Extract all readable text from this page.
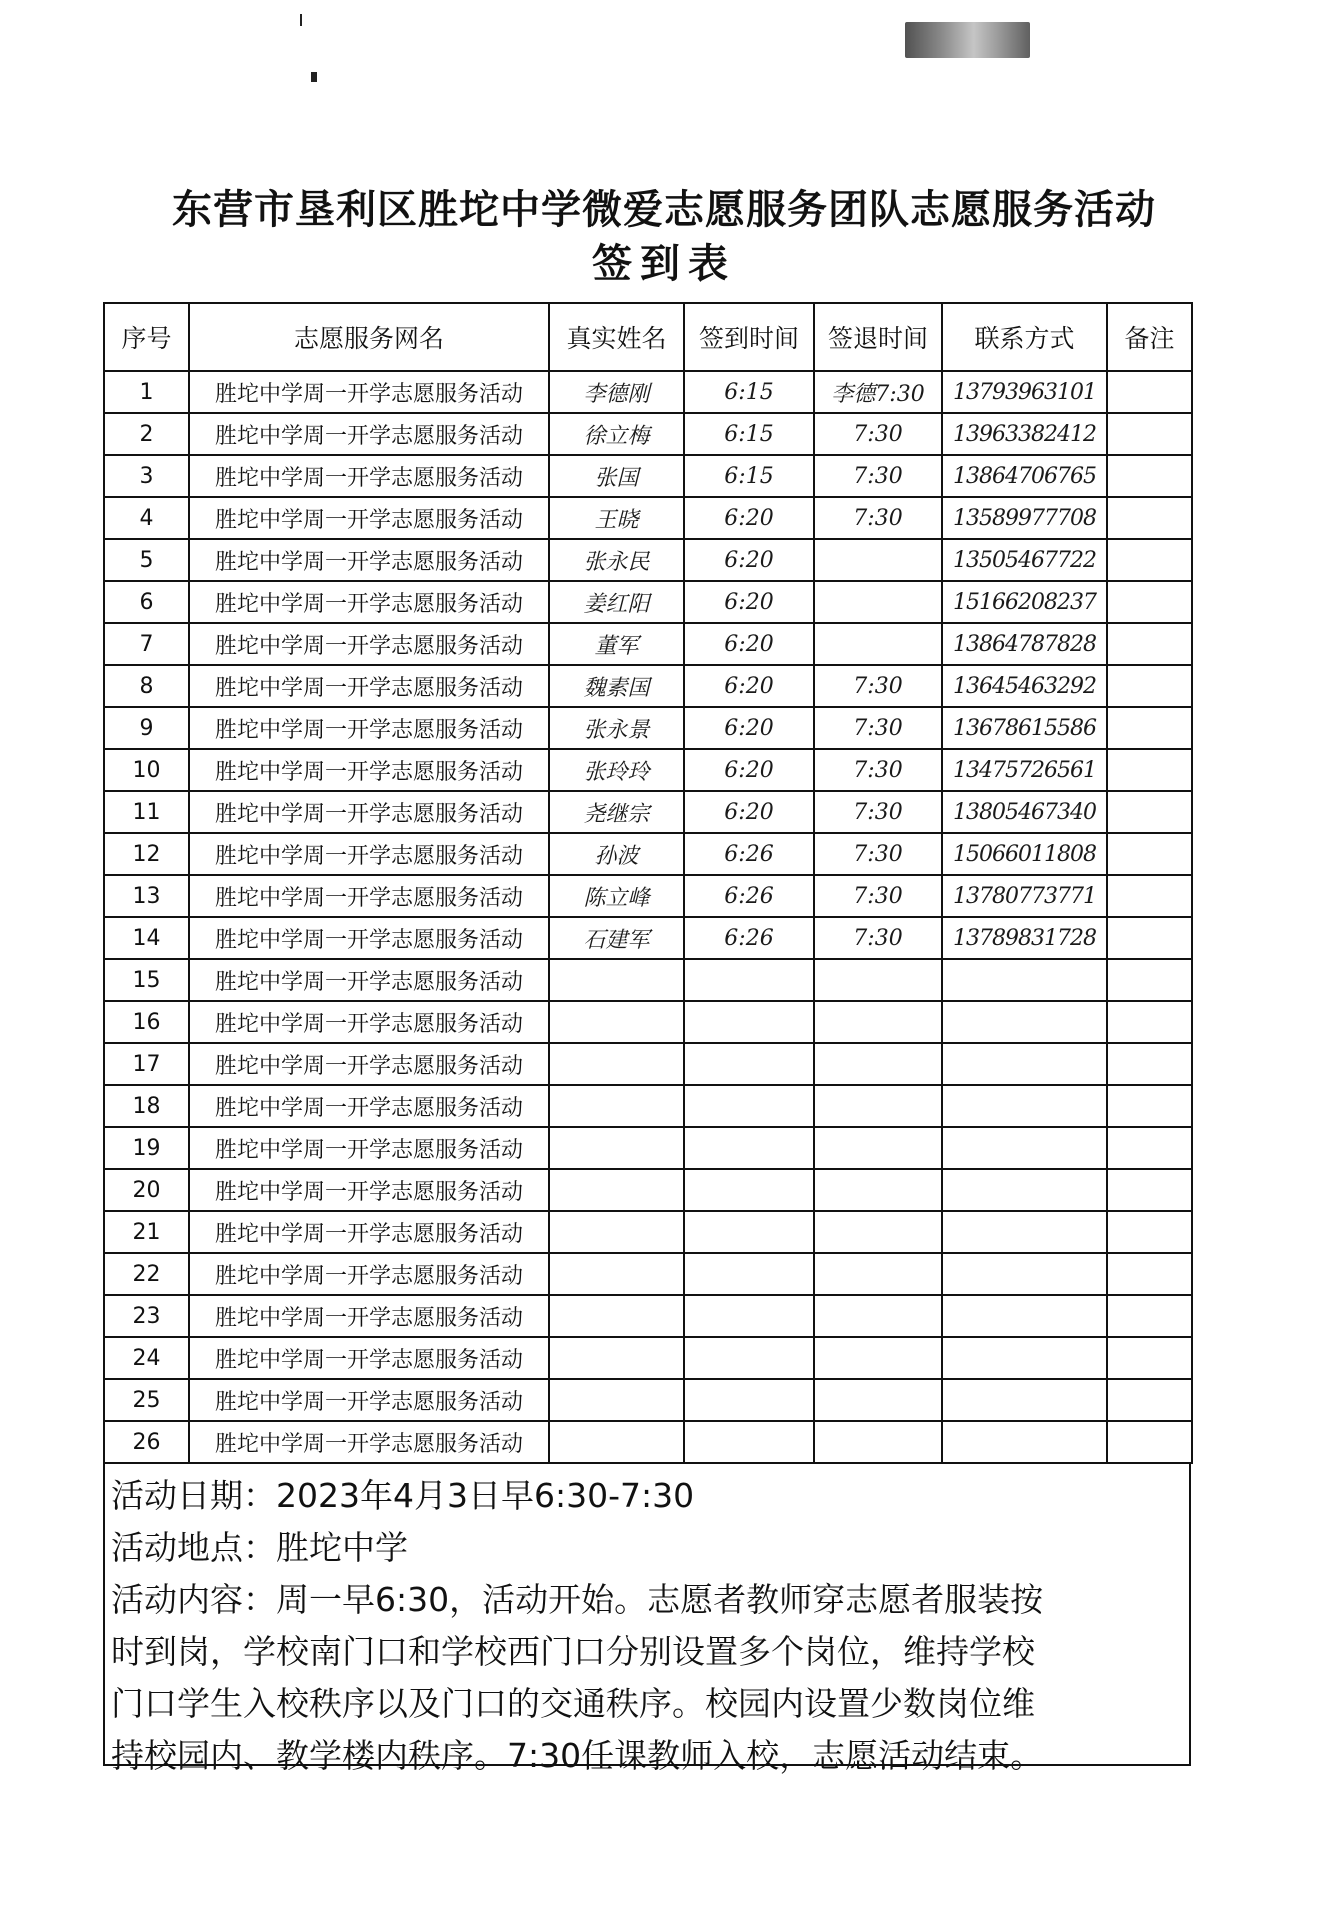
东营市垦利区胜坨中学微爱志愿服务团队志愿服务活动
签到表
序号	志愿服务网名	真实姓名	签到时间	签退时间	联系方式	备注
1	胜坨中学周一开学志愿服务活动	李德刚	6:15	李德7:30	13793963101	
2	胜坨中学周一开学志愿服务活动	徐立梅	6:15	7:30	13963382412	
3	胜坨中学周一开学志愿服务活动	张国	6:15	7:30	13864706765	
4	胜坨中学周一开学志愿服务活动	王晓	6:20	7:30	13589977708	
5	胜坨中学周一开学志愿服务活动	张永民	6:20		13505467722	
6	胜坨中学周一开学志愿服务活动	姜红阳	6:20		15166208237	
7	胜坨中学周一开学志愿服务活动	董军	6:20		13864787828	
8	胜坨中学周一开学志愿服务活动	魏素国	6:20	7:30	13645463292	
9	胜坨中学周一开学志愿服务活动	张永景	6:20	7:30	13678615586	
10	胜坨中学周一开学志愿服务活动	张玲玲	6:20	7:30	13475726561	
11	胜坨中学周一开学志愿服务活动	尧继宗	6:20	7:30	13805467340	
12	胜坨中学周一开学志愿服务活动	孙波	6:26	7:30	15066011808	
13	胜坨中学周一开学志愿服务活动	陈立峰	6:26	7:30	13780773771	
14	胜坨中学周一开学志愿服务活动	石建军	6:26	7:30	13789831728	
15	胜坨中学周一开学志愿服务活动					
16	胜坨中学周一开学志愿服务活动					
17	胜坨中学周一开学志愿服务活动					
18	胜坨中学周一开学志愿服务活动					
19	胜坨中学周一开学志愿服务活动					
20	胜坨中学周一开学志愿服务活动					
21	胜坨中学周一开学志愿服务活动					
22	胜坨中学周一开学志愿服务活动					
23	胜坨中学周一开学志愿服务活动					
24	胜坨中学周一开学志愿服务活动					
25	胜坨中学周一开学志愿服务活动					
26	胜坨中学周一开学志愿服务活动					

活动日期：2023年4月3日早6:30-7:30

活动地点：胜坨中学

活动内容：周一早6:30，活动开始。志愿者教师穿志愿者服装按

时到岗，学校南门口和学校西门口分别设置多个岗位，维持学校

门口学生入校秩序以及门口的交通秩序。校园内设置少数岗位维

持校园内、教学楼内秩序。7:30任课教师入校，志愿活动结束。
